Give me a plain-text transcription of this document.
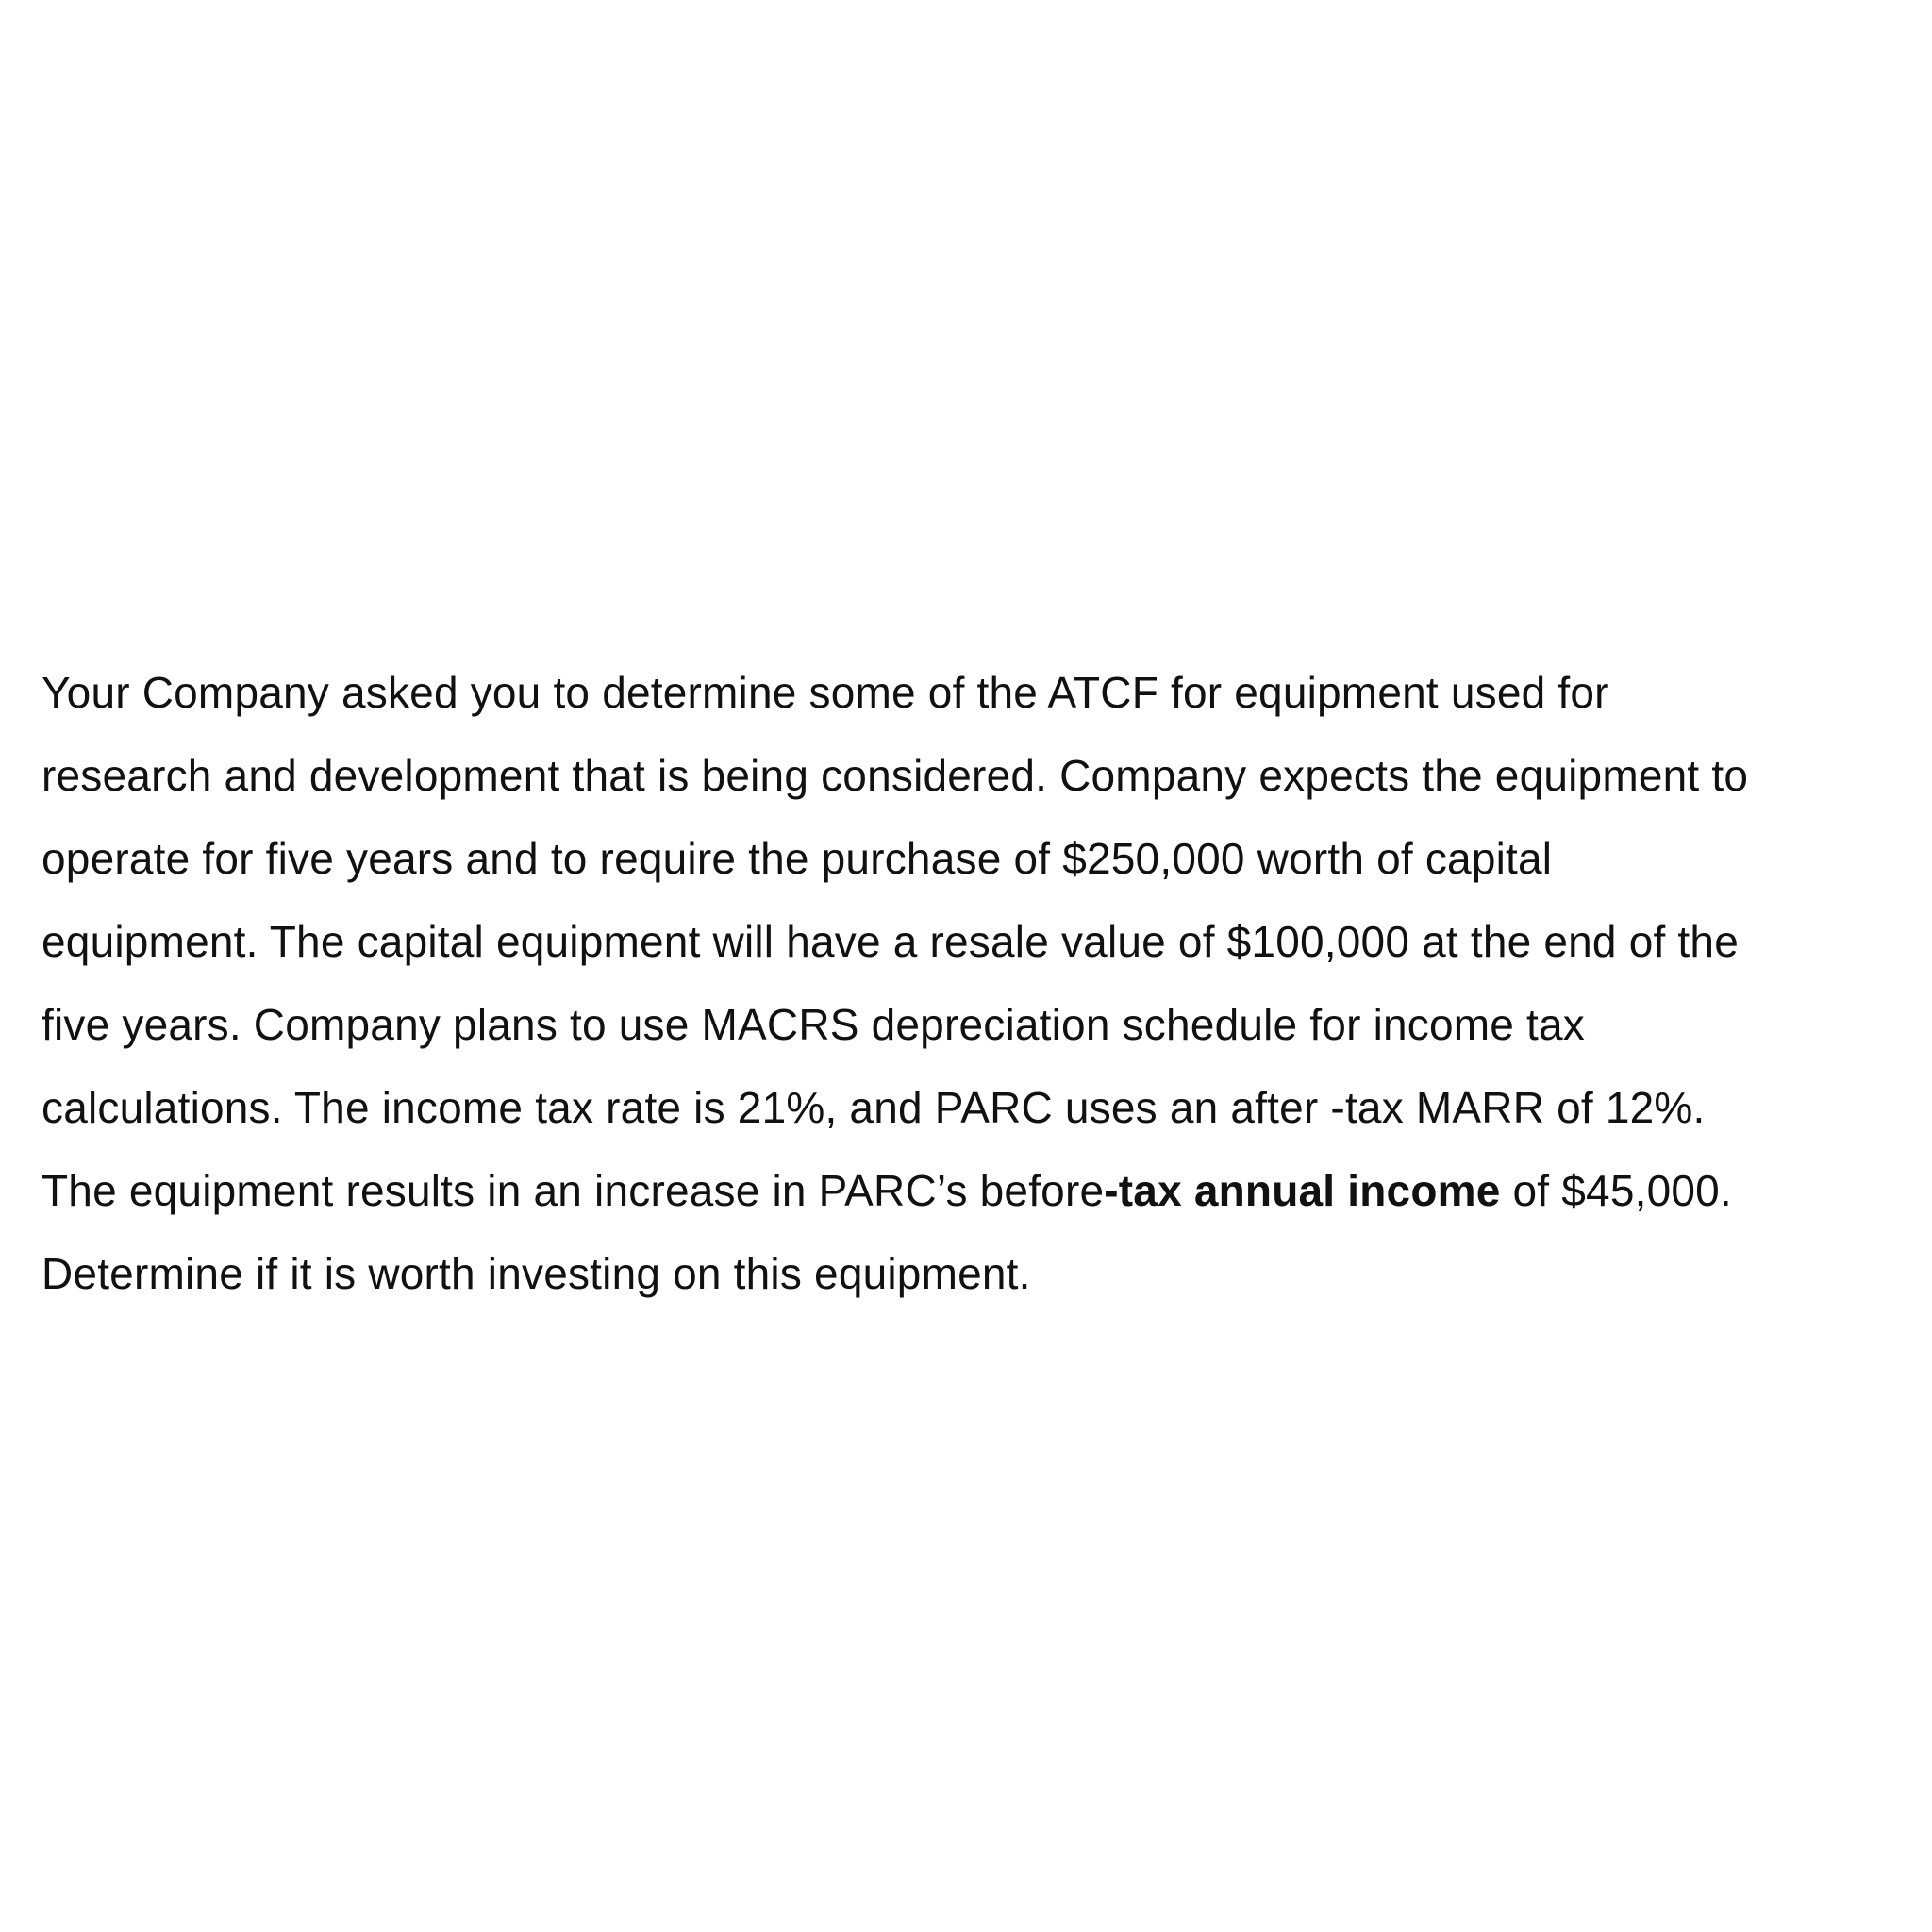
Your Company asked you to determine some of the ATCF for equipment used for
research and development that is being considered. Company expects the equipment to
operate for five years and to require the purchase of $250,000 worth of capital
equipment. The capital equipment will have a resale value of $100,000 at the end of the
five years. Company plans to use MACRS depreciation schedule for income tax
calculations. The income tax rate is 21%, and PARC uses an after -tax MARR of 12%.
The equipment results in an increase in PARC’s before-tax annual income of $45,000.
Determine if it is worth investing on this equipment.
